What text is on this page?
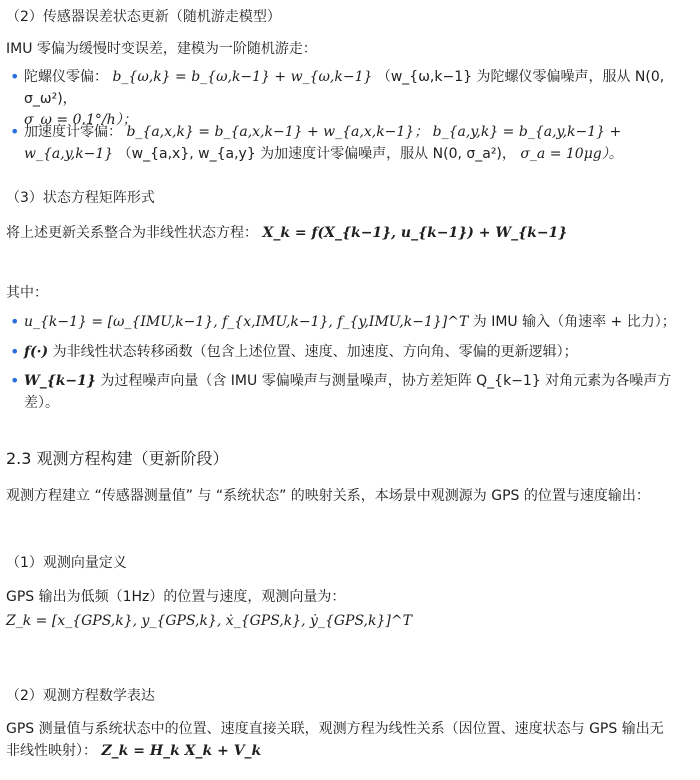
（2）传感器误差状态更新（随机游走模型）
IMU 零偏为缓慢时变误差，建模为一阶随机游走：
• 陀螺仪零偏： b_{ω,k} = b_{ω,k−1} + w_{ω,k−1} （w_{ω,k−1} 为陀螺仪零偏噪声，服从 N(0, σ_ω²)，
σ_ω = 0.1°/h）；
• 加速度计零偏： b_{a,x,k} = b_{a,x,k−1} + w_{a,x,k−1}； b_{a,y,k} = b_{a,y,k−1} + w_{a,y,k−1} （w_{a,x}, w_{a,y} 为加速度计零偏噪声，服从 N(0, σ_a²)， σ_a = 10μg）。
（3）状态方程矩阵形式
将上述更新关系整合为非线性状态方程： X_k = f(X_{k−1}, u_{k−1}) + W_{k−1}
其中：
• u_{k−1} = [ω_{IMU,k−1}, f_{x,IMU,k−1}, f_{y,IMU,k−1}]^T 为 IMU 输入（角速率 + 比力）；
• f(·) 为非线性状态转移函数（包含上述位置、速度、加速度、方向角、零偏的更新逻辑）；
• W_{k−1} 为过程噪声向量（含 IMU 零偏噪声与测量噪声，协方差矩阵 Q_{k−1} 对角元素为各噪声方差）。
2.3 观测方程构建（更新阶段）
观测方程建立 “传感器测量值” 与 “系统状态” 的映射关系，本场景中观测源为 GPS 的位置与速度输出：
（1）观测向量定义
GPS 输出为低频（1Hz）的位置与速度，观测向量为：
Z_k = [x_{GPS,k}, y_{GPS,k}, ẋ_{GPS,k}, ẏ_{GPS,k}]^T
（2）观测方程数学表达
GPS 测量值与系统状态中的位置、速度直接关联，观测方程为线性关系（因位置、速度状态与 GPS 输出无非线性映射）： Z_k = H_k X_k + V_k
